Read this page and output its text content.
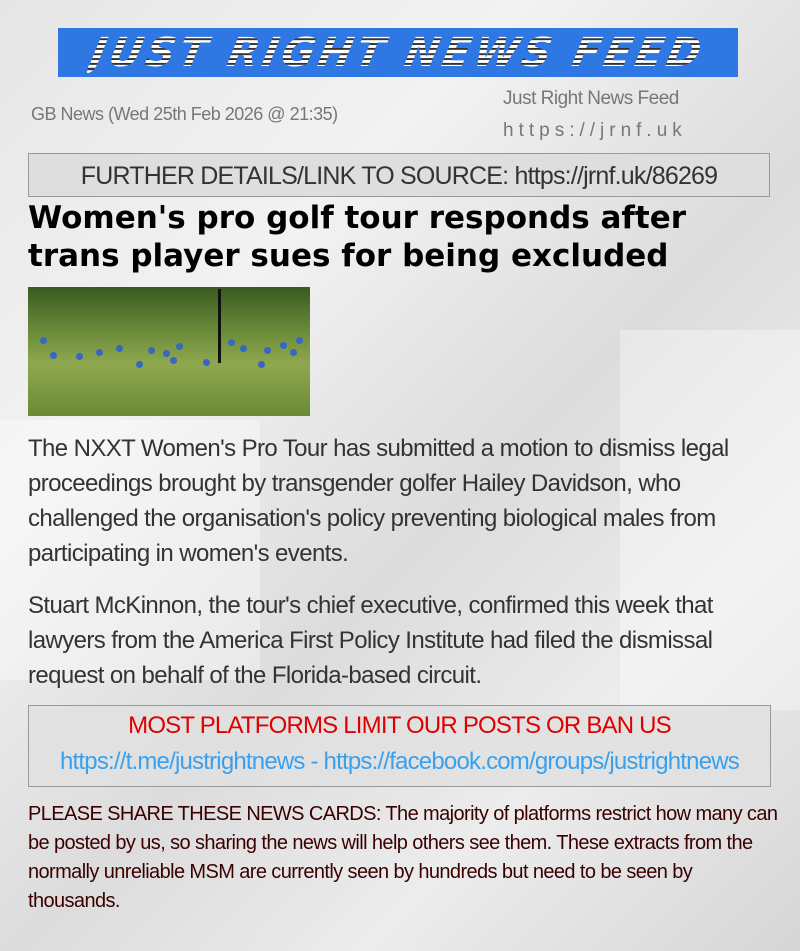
JUST RIGHT NEWS FEED
GB News (Wed 25th Feb 2026 @ 21:35)
Just Right News Feed
https://jrnf.uk
FURTHER DETAILS/LINK TO SOURCE: https://jrnf.uk/86269
Women's pro golf tour responds after trans player sues for being excluded
The NXXT Women's Pro Tour has submitted a motion to dismiss legal proceedings brought by transgender golfer Hailey Davidson, who challenged the organisation's policy preventing biological males from participating in women's events.
Stuart McKinnon, the tour's chief executive, confirmed this week that lawyers from the America First Policy Institute had filed the dismissal request on behalf of the Florida-based circuit.
MOST PLATFORMS LIMIT OUR POSTS OR BAN US
https://t.me/justrightnews - https://facebook.com/groups/justrightnews
PLEASE SHARE THESE NEWS CARDS: The majority of platforms restrict how many can be posted by us, so sharing the news will help others see them. These extracts from the normally unreliable MSM are currently seen by hundreds but need to be seen by thousands.
